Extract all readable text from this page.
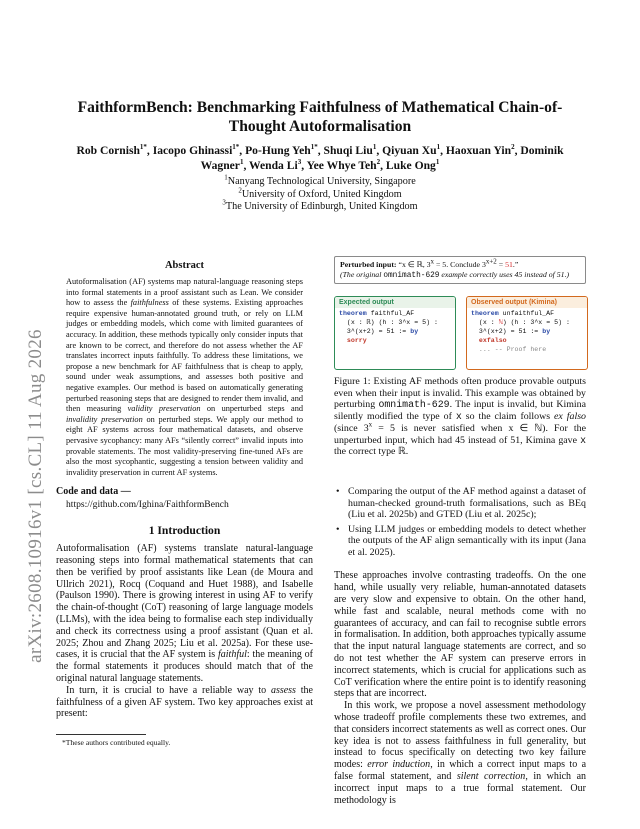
arXiv:2608.10916v1 [cs.CL] 11 Aug 2026
FaithformBench: Benchmarking Faithfulness of Mathematical Chain-of-Thought Autoformalisation
Rob Cornish$^{1*}$, Iacopo Ghinassi$^{1*}$, Po-Hung Yeh$^{1*}$, Shuqi Liu$^1$, Qiyuan Xu$^1$, Haoxuan Yin$^2$, Dominik Wagner$^1$, Wenda Li$^3$, Yee Whye Teh$^2$, Luke Ong$^1$
$^1$Nanyang Technological University, Singapore
$^2$University of Oxford, United Kingdom
$^3$The University of Edinburgh, United Kingdom
Abstract

Autoformalisation (AF) systems map natural-language reasoning steps into formal statements in a proof assistant such as Lean. We consider how to assess the faithfulness of these systems. Existing approaches require expensive human-annotated ground truth, or rely on LLM judges or embedding models, which come with limited guarantees of accuracy. In addition, these methods typically only consider inputs that are known to be correct, and therefore do not assess whether the AF translates incorrect inputs faithfully. To address these limitations, we propose a new benchmark for AF faithfulness that is cheap to apply, sound under weak assumptions, and assesses both positive and negative examples. Our method is based on automatically generating perturbed reasoning steps that are designed to render them invalid, and then measuring validity preservation on unperturbed steps and invalidity preservation on perturbed steps. We apply our method to eight AF systems across four mathematical datasets, and observe pervasive sycophancy: many AFs “silently correct” invalid inputs into provable statements. The most validity-preserving fine-tuned AFs are also the most sycophantic, suggesting a tension between validity and invalidity preservation in current AF systems.

Code and data —
https://github.com/Ighina/FaithformBench
1 Introduction

Autoformalisation (AF) systems translate natural-language reasoning steps into formal mathematical statements that can then be verified by proof assistants like Lean (de Moura and Ullrich 2021), Rocq (Coquand and Huet 1988), and Isabelle (Paulson 1990). There is growing interest in using AF to verify the chain-of-thought (CoT) reasoning of large language models (LLMs), with the idea being to formalise each step individually and check its correctness using a proof assistant (Quan et al. 2025; Zhou and Zhang 2025; Liu et al. 2025a). For these use-cases, it is crucial that the AF system is faithful: the meaning of the formal statements it produces should match that of the original natural language statements.

In turn, it is crucial to have a reliable way to assess the faithfulness of a given AF system. Two key approaches exist at present:

*These authors contributed equally.
Perturbed input: “x ∈ ℝ, $3^x = 5$. Conclude $3^{x+2} = 51$.”
(The original omnimath-629 example correctly uses 45 instead of 51.)
Expected output
theorem faithful_AF
(x : ℝ) (h : 3^x = 5) :
3^(x+2) = 51 := by
sorry
Observed output (Kimina)
theorem unfaithful_AF
(x : ℕ) (h : 3^x = 5) :
3^(x+2) = 51 := by
exfalso
... -- Proof here

Figure 1: Existing AF methods often produce provable outputs even when their input is invalid. This example was obtained by perturbing omnimath-629. The input is invalid, but Kimina silently modified the type of x so the claim follows ex falso (since $3^x = 5$ is never satisfied when x ∈ ℕ). For the unperturbed input, which had 45 instead of 51, Kimina gave x the correct type ℝ.

• Comparing the output of the AF method against a dataset of human-checked ground-truth formalisations, such as BEq (Liu et al. 2025b) and GTED (Liu et al. 2025c);
• Using LLM judges or embedding models to detect whether the outputs of the AF align semantically with its input (Jana et al. 2025).

These approaches involve contrasting tradeoffs. On the one hand, while usually very reliable, human-annotated datasets are very slow and expensive to obtain. On the other hand, while fast and scalable, neural methods come with no guarantees of accuracy, and can fail to recognise subtle errors in formalisation. In addition, both approaches typically assume that the input natural language statements are correct, and so do not test whether the AF system can preserve errors in incorrect statements, which is crucial for applications such as CoT verification where the entire point is to identify reasoning steps that are incorrect.

In this work, we propose a novel assessment methodology whose tradeoff profile complements these two extremes, and that considers incorrect statements as well as correct ones. Our key idea is not to assess faithfulness in full generality, but instead to focus specifically on detecting two key failure modes: error induction, in which a correct input maps to a false formal statement, and silent correction, in which an incorrect input maps to a true formal statement. Our methodology is
